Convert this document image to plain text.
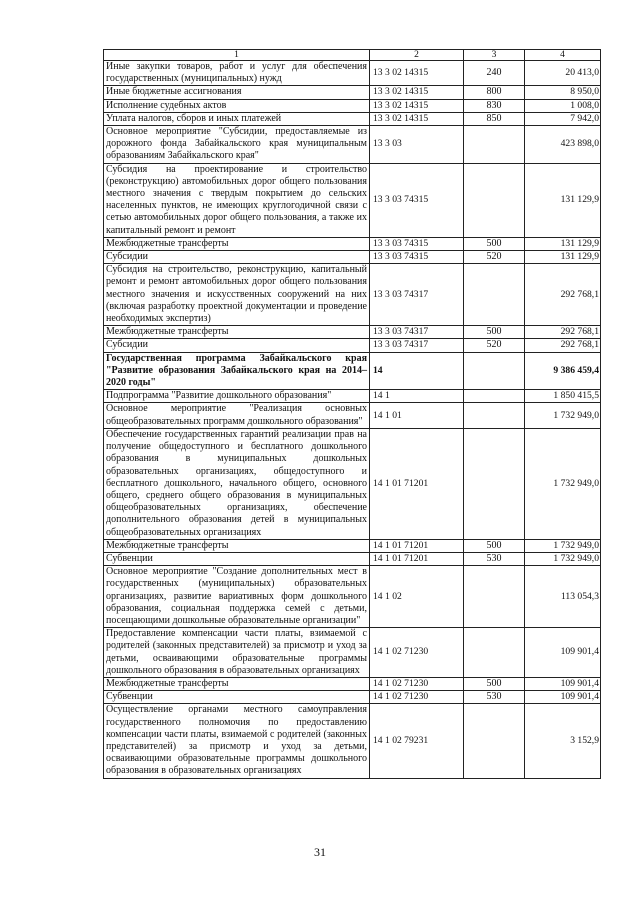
1	2	3	4
Иные закупки товаров, работ и услуг для обеспечения государственных (муниципальных) нужд	13 3 02 14315	240	20 413,0
Иные бюджетные ассигнования	13 3 02 14315	800	8 950,0
Исполнение судебных актов	13 3 02 14315	830	1 008,0
Уплата налогов, сборов и иных платежей	13 3 02 14315	850	7 942,0
Основное мероприятие "Субсидии, предоставляемые из дорожного фонда Забайкальского края муниципальным образованиям Забайкальского края"	13 3 03		423 898,0
Субсидия на проектирование и строительство (реконструкцию) автомобильных дорог общего пользования местного значения с твердым покрытием до сельских населенных пунктов, не имеющих круглогодичной связи с сетью автомобильных дорог общего пользования, а также их капитальный ремонт и ремонт	13 3 03 74315		131 129,9
Межбюджетные трансферты	13 3 03 74315	500	131 129,9
Субсидии	13 3 03 74315	520	131 129,9
Субсидия на строительство, реконструкцию, капитальный ремонт и ремонт автомобильных дорог общего пользования местного значения и искусственных сооружений на них (включая разработку проектной документации и проведение необходимых экспертиз)	13 3 03 74317		292 768,1
Межбюджетные трансферты	13 3 03 74317	500	292 768,1
Субсидии	13 3 03 74317	520	292 768,1
Государственная программа Забайкальского края "Развитие образования Забайкальского края на 2014–2020 годы"	14		9 386 459,4
Подпрограмма "Развитие дошкольного образования"	14 1		1 850 415,5
Основное мероприятие "Реализация основных общеобразовательных программ дошкольного образования"	14 1 01		1 732 949,0
Обеспечение государственных гарантий реализации прав на получение общедоступного и бесплатного дошкольного образования в муниципальных дошкольных образовательных организациях, общедоступного и бесплатного дошкольного, начального общего, основного общего, среднего общего образования в муниципальных общеобразовательных организациях, обеспечение дополнительного образования детей в муниципальных общеобразовательных организациях	14 1 01 71201		1 732 949,0
Межбюджетные трансферты	14 1 01 71201	500	1 732 949,0
Субвенции	14 1 01 71201	530	1 732 949,0
Основное мероприятие "Создание дополнительных мест в государственных (муниципальных) образовательных организациях, развитие вариативных форм дошкольного образования, социальная поддержка семей с детьми, посещающими дошкольные образовательные организации"	14 1 02		113 054,3
Предоставление компенсации части платы, взимаемой с родителей (законных представителей) за присмотр и уход за детьми, осваивающими образовательные программы дошкольного образования в образовательных организациях	14 1 02 71230		109 901,4
Межбюджетные трансферты	14 1 02 71230	500	109 901,4
Субвенции	14 1 02 71230	530	109 901,4
Осуществление органами местного самоуправления государственного полномочия по предоставлению компенсации части платы, взимаемой с родителей (законных представителей) за присмотр и уход за детьми, осваивающими образовательные программы дошкольного образования в образовательных организациях	14 1 02 79231		3 152,9
31
